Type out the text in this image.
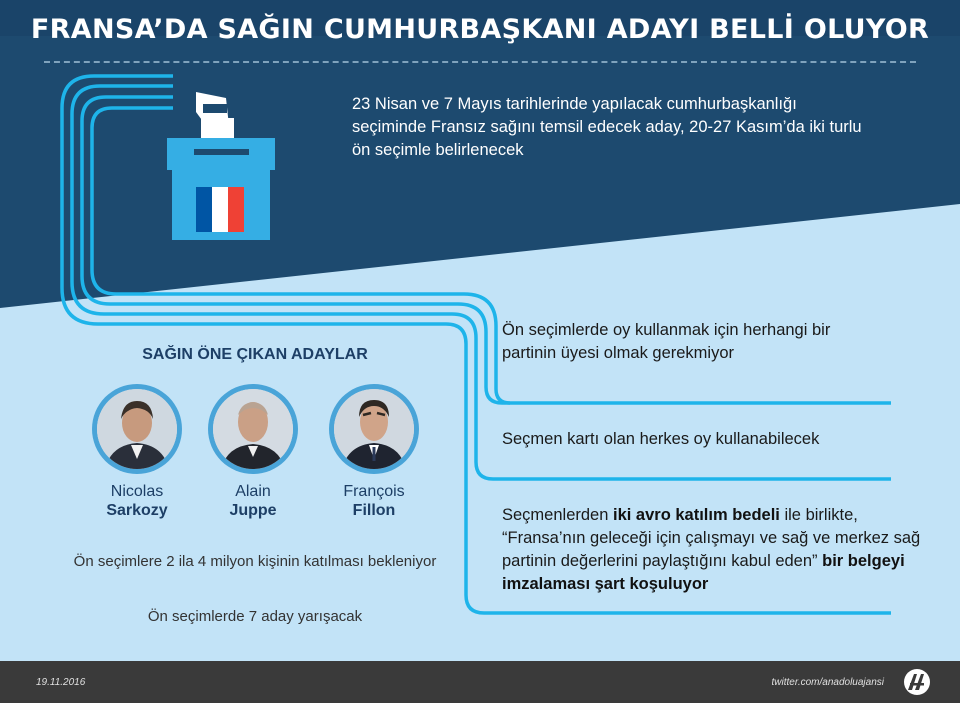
FRANSA’DA SAĞIN CUMHURBAŞKANI ADAYI BELLİ OLUYOR
23 Nisan ve 7 Mayıs tarihlerinde yapılacak cumhurbaşkanlığı seçiminde Fransız sağını temsil edecek aday, 20-27 Kasım’da iki turlu ön seçimle belirlenecek
Ön seçimlerde oy kullanmak için herhangi bir partinin üyesi olmak gerekmiyor
Seçmen kartı olan herkes oy kullanabilecek
Seçmenlerden iki avro katılım bedeli ile birlikte, “Fransa’nın geleceği için çalışmayı ve sağ ve merkez sağ partinin değerlerini paylaştığını kabul eden” bir belgeyi imzalaması şart koşuluyor
SAĞIN ÖNE ÇIKAN ADAYLAR
Nicolas
Sarkozy
Alain
Juppe
François
Fillon
Ön seçimlere 2 ila 4 milyon kişinin katılması bekleniyor
Ön seçimlerde 7 aday yarışacak
19.11.2016	twitter.com/anadoluajansi
